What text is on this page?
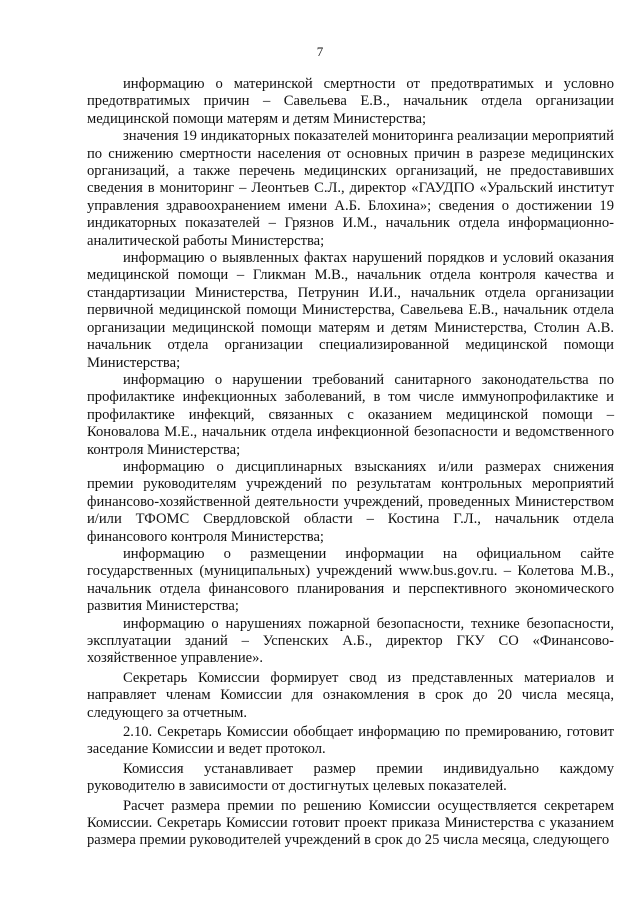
7

информацию о материнской смертности от предотвратимых и условно предотвратимых причин – Савельева Е.В., начальник отдела организации медицинской помощи матерям и детям Министерства;

значения 19 индикаторных показателей мониторинга реализации мероприятий по снижению смертности населения от основных причин в разрезе медицинских организаций, а также перечень медицинских организаций, не предоставивших сведения в мониторинг – Леонтьев С.Л., директор «ГАУДПО «Уральский институт управления здравоохранением имени А.Б. Блохина»; сведения о достижении 19 индикаторных показателей – Грязнов И.М., начальник отдела информационно-аналитической работы Министерства;

информацию о выявленных фактах нарушений порядков и условий оказания медицинской помощи – Гликман М.В., начальник отдела контроля качества и стандартизации Министерства, Петрунин И.И., начальник отдела организации первичной медицинской помощи Министерства, Савельева Е.В., начальник отдела организации медицинской помощи матерям и детям Министерства, Столин А.В. начальник отдела организации специализированной медицинской помощи Министерства;

информацию о нарушении требований санитарного законодательства по профилактике инфекционных заболеваний, в том числе иммунопрофилактике и профилактике инфекций, связанных с оказанием медицинской помощи – Коновалова М.Е., начальник отдела инфекционной безопасности и ведомственного контроля Министерства;

информацию о дисциплинарных взысканиях и/или размерах снижения премии руководителям учреждений по результатам контрольных мероприятий финансово-хозяйственной деятельности учреждений, проведенных Министерством и/или ТФОМС Свердловской области – Костина Г.Л., начальник отдела финансового контроля Министерства;

информацию о размещении информации на официальном сайте государственных (муниципальных) учреждений www.bus.gov.ru. – Колетова М.В., начальник отдела финансового планирования и перспективного экономического развития Министерства;

информацию о нарушениях пожарной безопасности, технике безопасности, эксплуатации зданий – Успенских А.Б., директор ГКУ СО «Финансово-хозяйственное управление».

Секретарь Комиссии формирует свод из представленных материалов и направляет членам Комиссии для ознакомления в срок до 20 числа месяца, следующего за отчетным.

2.10. Секретарь Комиссии обобщает информацию по премированию, готовит заседание Комиссии и ведет протокол.

Комиссия устанавливает размер премии индивидуально каждому руководителю в зависимости от достигнутых целевых показателей.

Расчет размера премии по решению Комиссии осуществляется секретарем Комиссии. Секретарь Комиссии готовит проект приказа Министерства с указанием размера премии руководителей учреждений в срок до 25 числа месяца, следующего
